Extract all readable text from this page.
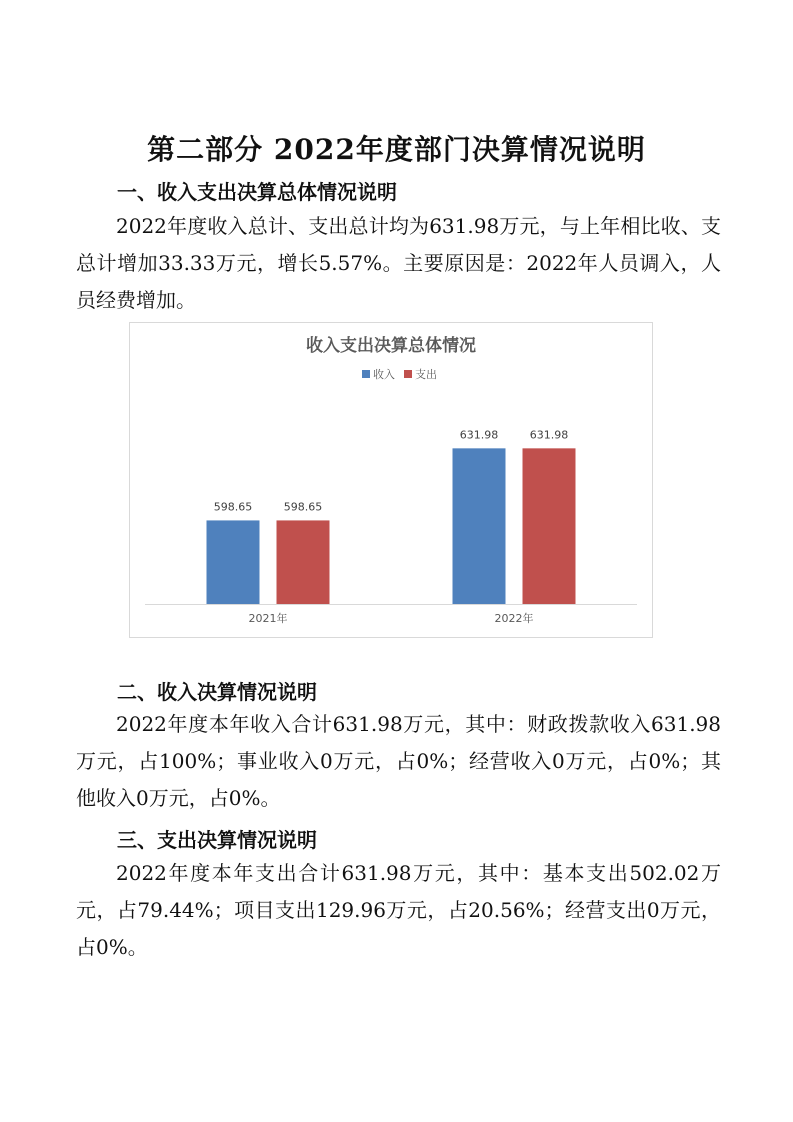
第二部分 2022年度部门决算情况说明
一、收入支出决算总体情况说明
2022年度收入总计、支出总计均为631.98万元，与上年相比收、支总计增加33.33万元，增长5.57%。主要原因是：2022年人员调入，人员经费增加。
收入支出决算总体情况
收入 支出
598.65	598.65
2021年
631.98	631.98
2022年
二、收入决算情况说明
2022年度本年收入合计631.98万元，其中：财政拨款收入631.98万元，占100%；事业收入0万元，占0%；经营收入0万元，占0%；其他收入0万元，占0%。
三、支出决算情况说明
2022年度本年支出合计631.98万元，其中：基本支出502.02万元，占79.44%；项目支出129.96万元，占20.56%；经营支出0万元，占0%。
